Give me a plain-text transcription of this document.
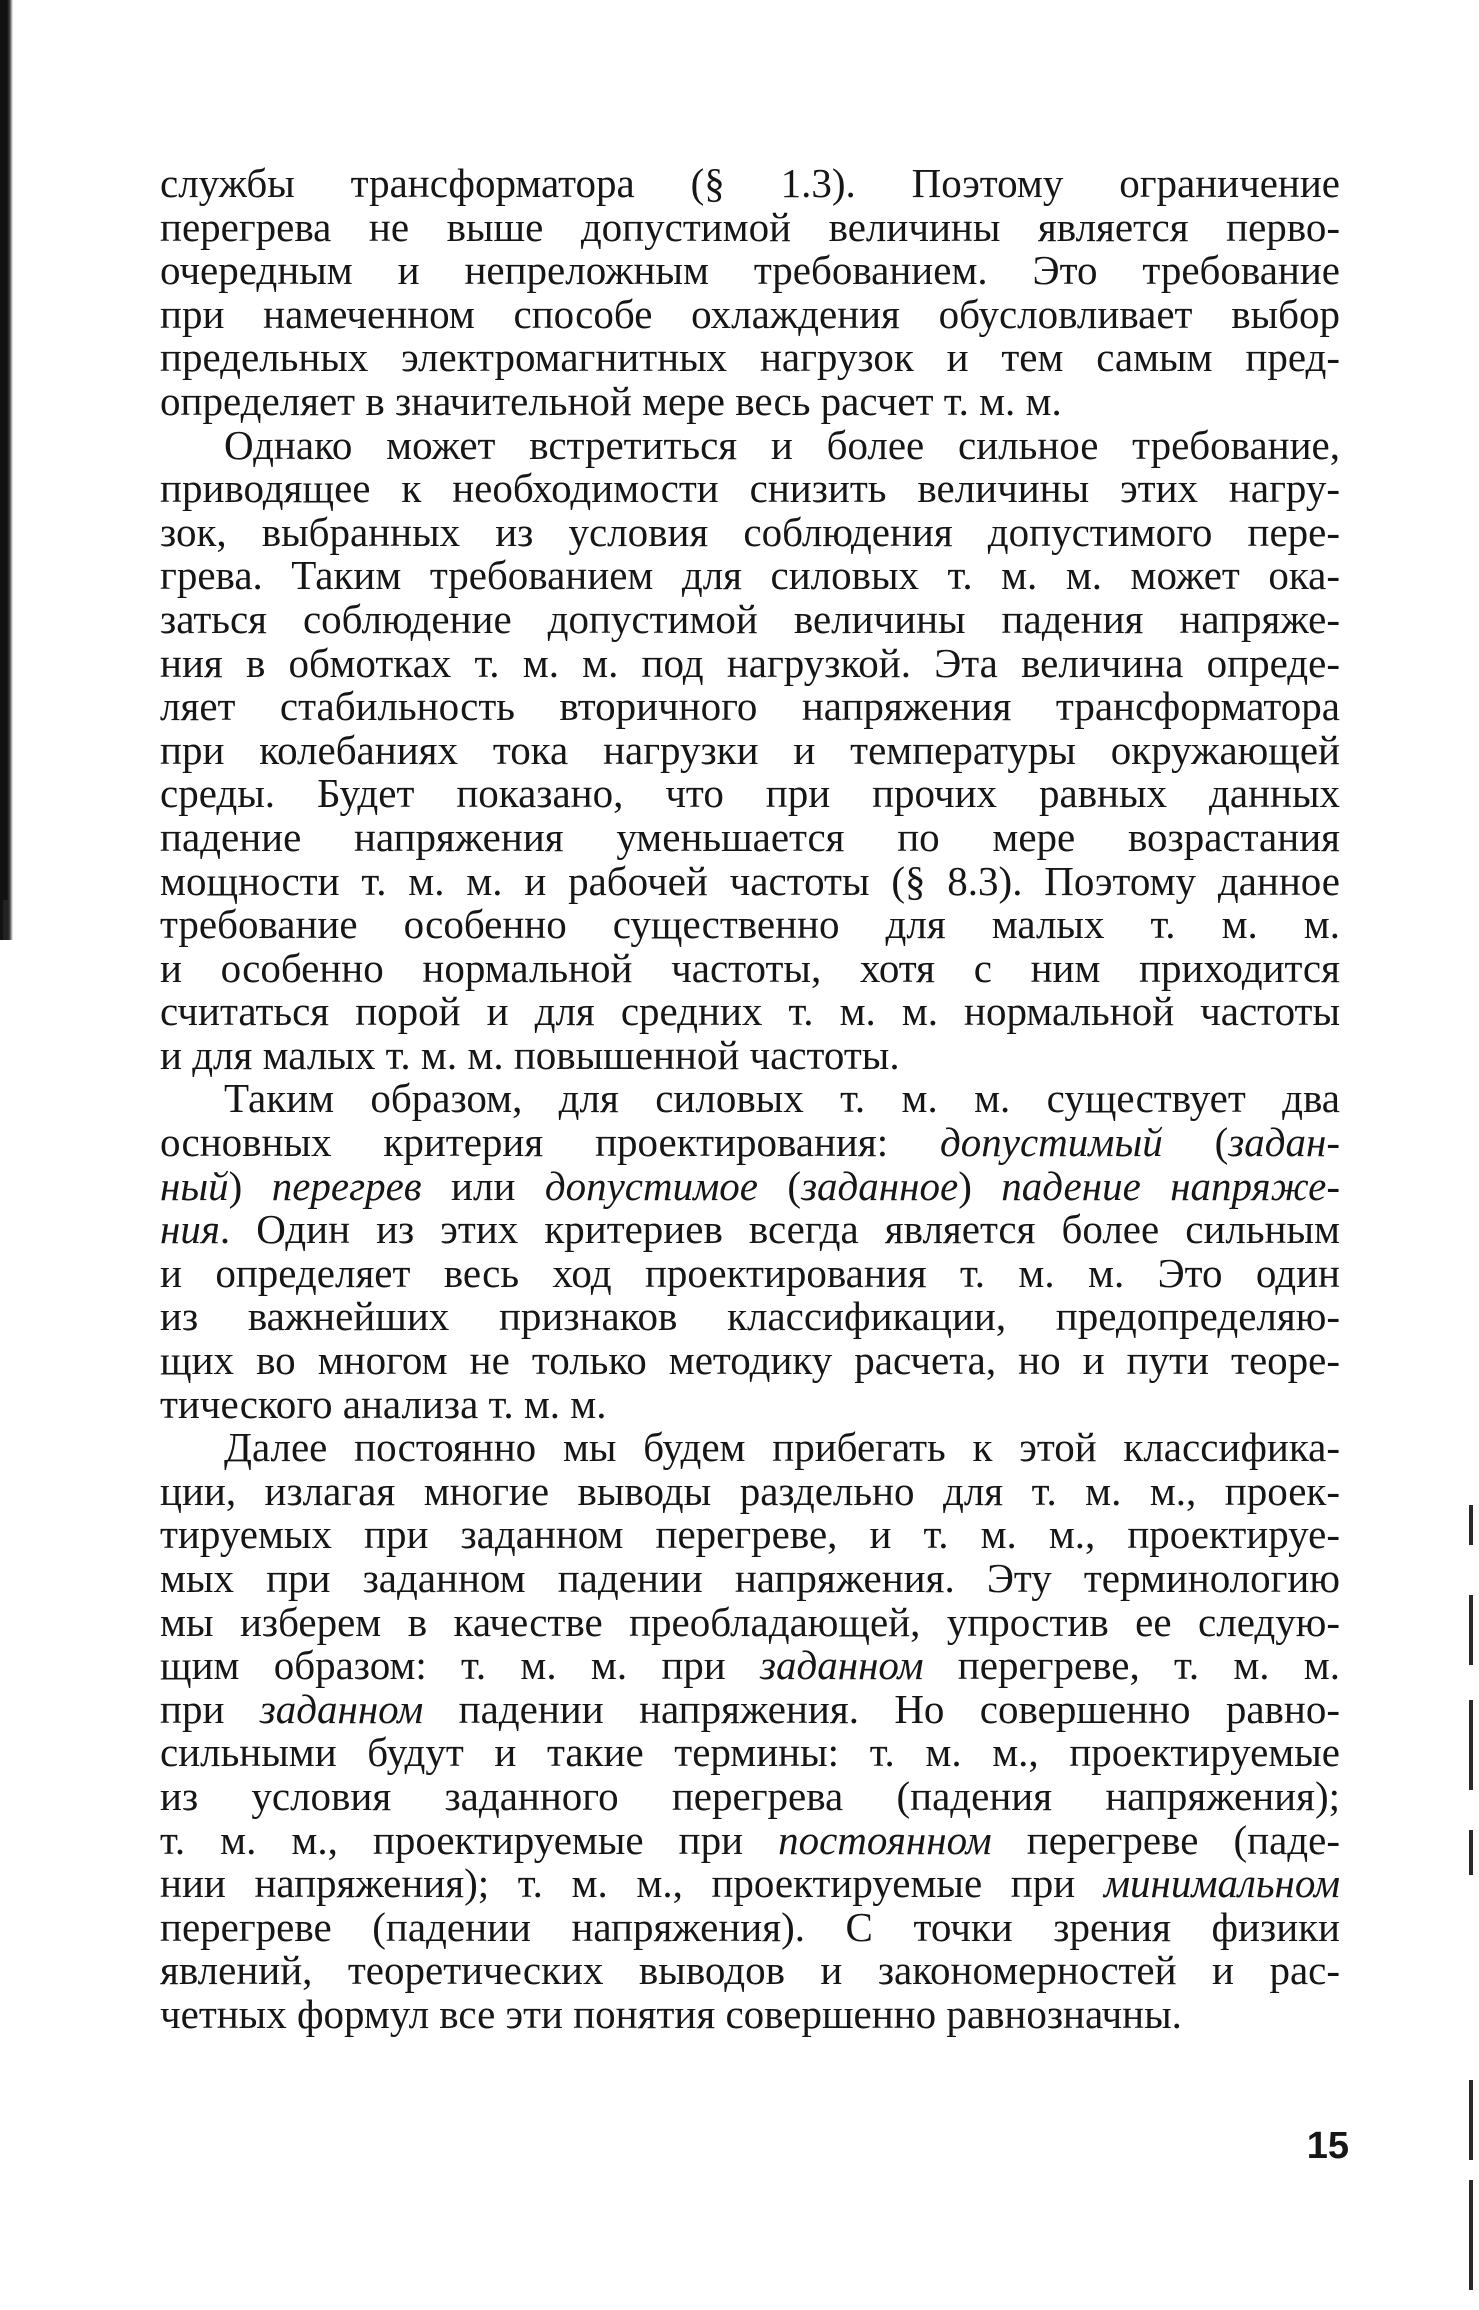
службы трансформатора (§ 1.3). Поэтому ограничение
перегрева не выше допустимой величины является перво-
очередным и непреложным требованием. Это требование
при намеченном способе охлаждения обусловливает выбор
предельных электромагнитных нагрузок и тем самым пред-
определяет в значительной мере весь расчет т. м. м.
Однако может встретиться и более сильное требование,
приводящее к необходимости снизить величины этих нагру-
зок, выбранных из условия соблюдения допустимого пере-
грева. Таким требованием для силовых т. м. м. может ока-
заться соблюдение допустимой величины падения напряже-
ния в обмотках т. м. м. под нагрузкой. Эта величина опреде-
ляет стабильность вторичного напряжения трансформатора
при колебаниях тока нагрузки и температуры окружающей
среды. Будет показано, что при прочих равных данных
падение напряжения уменьшается по мере возрастания
мощности т. м. м. и рабочей частоты (§ 8.3). Поэтому данное
требование особенно существенно для малых т. м. м.
и особенно нормальной частоты, хотя с ним приходится
считаться порой и для средних т. м. м. нормальной частоты
и для малых т. м. м. повышенной частоты.
Таким образом, для силовых т. м. м. существует два
основных критерия проектирования: допустимый (задан-
ный) перегрев или допустимое (заданное) падение напряже-
ния. Один из этих критериев всегда является более сильным
и определяет весь ход проектирования т. м. м. Это один
из важнейших признаков классификации, предопределяю-
щих во многом не только методику расчета, но и пути теоре-
тического анализа т. м. м.
Далее постоянно мы будем прибегать к этой классифика-
ции, излагая многие выводы раздельно для т. м. м., проек-
тируемых при заданном перегреве, и т. м. м., проектируе-
мых при заданном падении напряжения. Эту терминологию
мы изберем в качестве преобладающей, упростив ее следую-
щим образом: т. м. м. при заданном перегреве, т. м. м.
при заданном падении напряжения. Но совершенно равно-
сильными будут и такие термины: т. м. м., проектируемые
из условия заданного перегрева (падения напряжения);
т. м. м., проектируемые при постоянном перегреве (паде-
нии напряжения); т. м. м., проектируемые при минимальном
перегреве (падении напряжения). С точки зрения физики
явлений, теоретических выводов и закономерностей и рас-
четных формул все эти понятия совершенно равнозначны.
15
